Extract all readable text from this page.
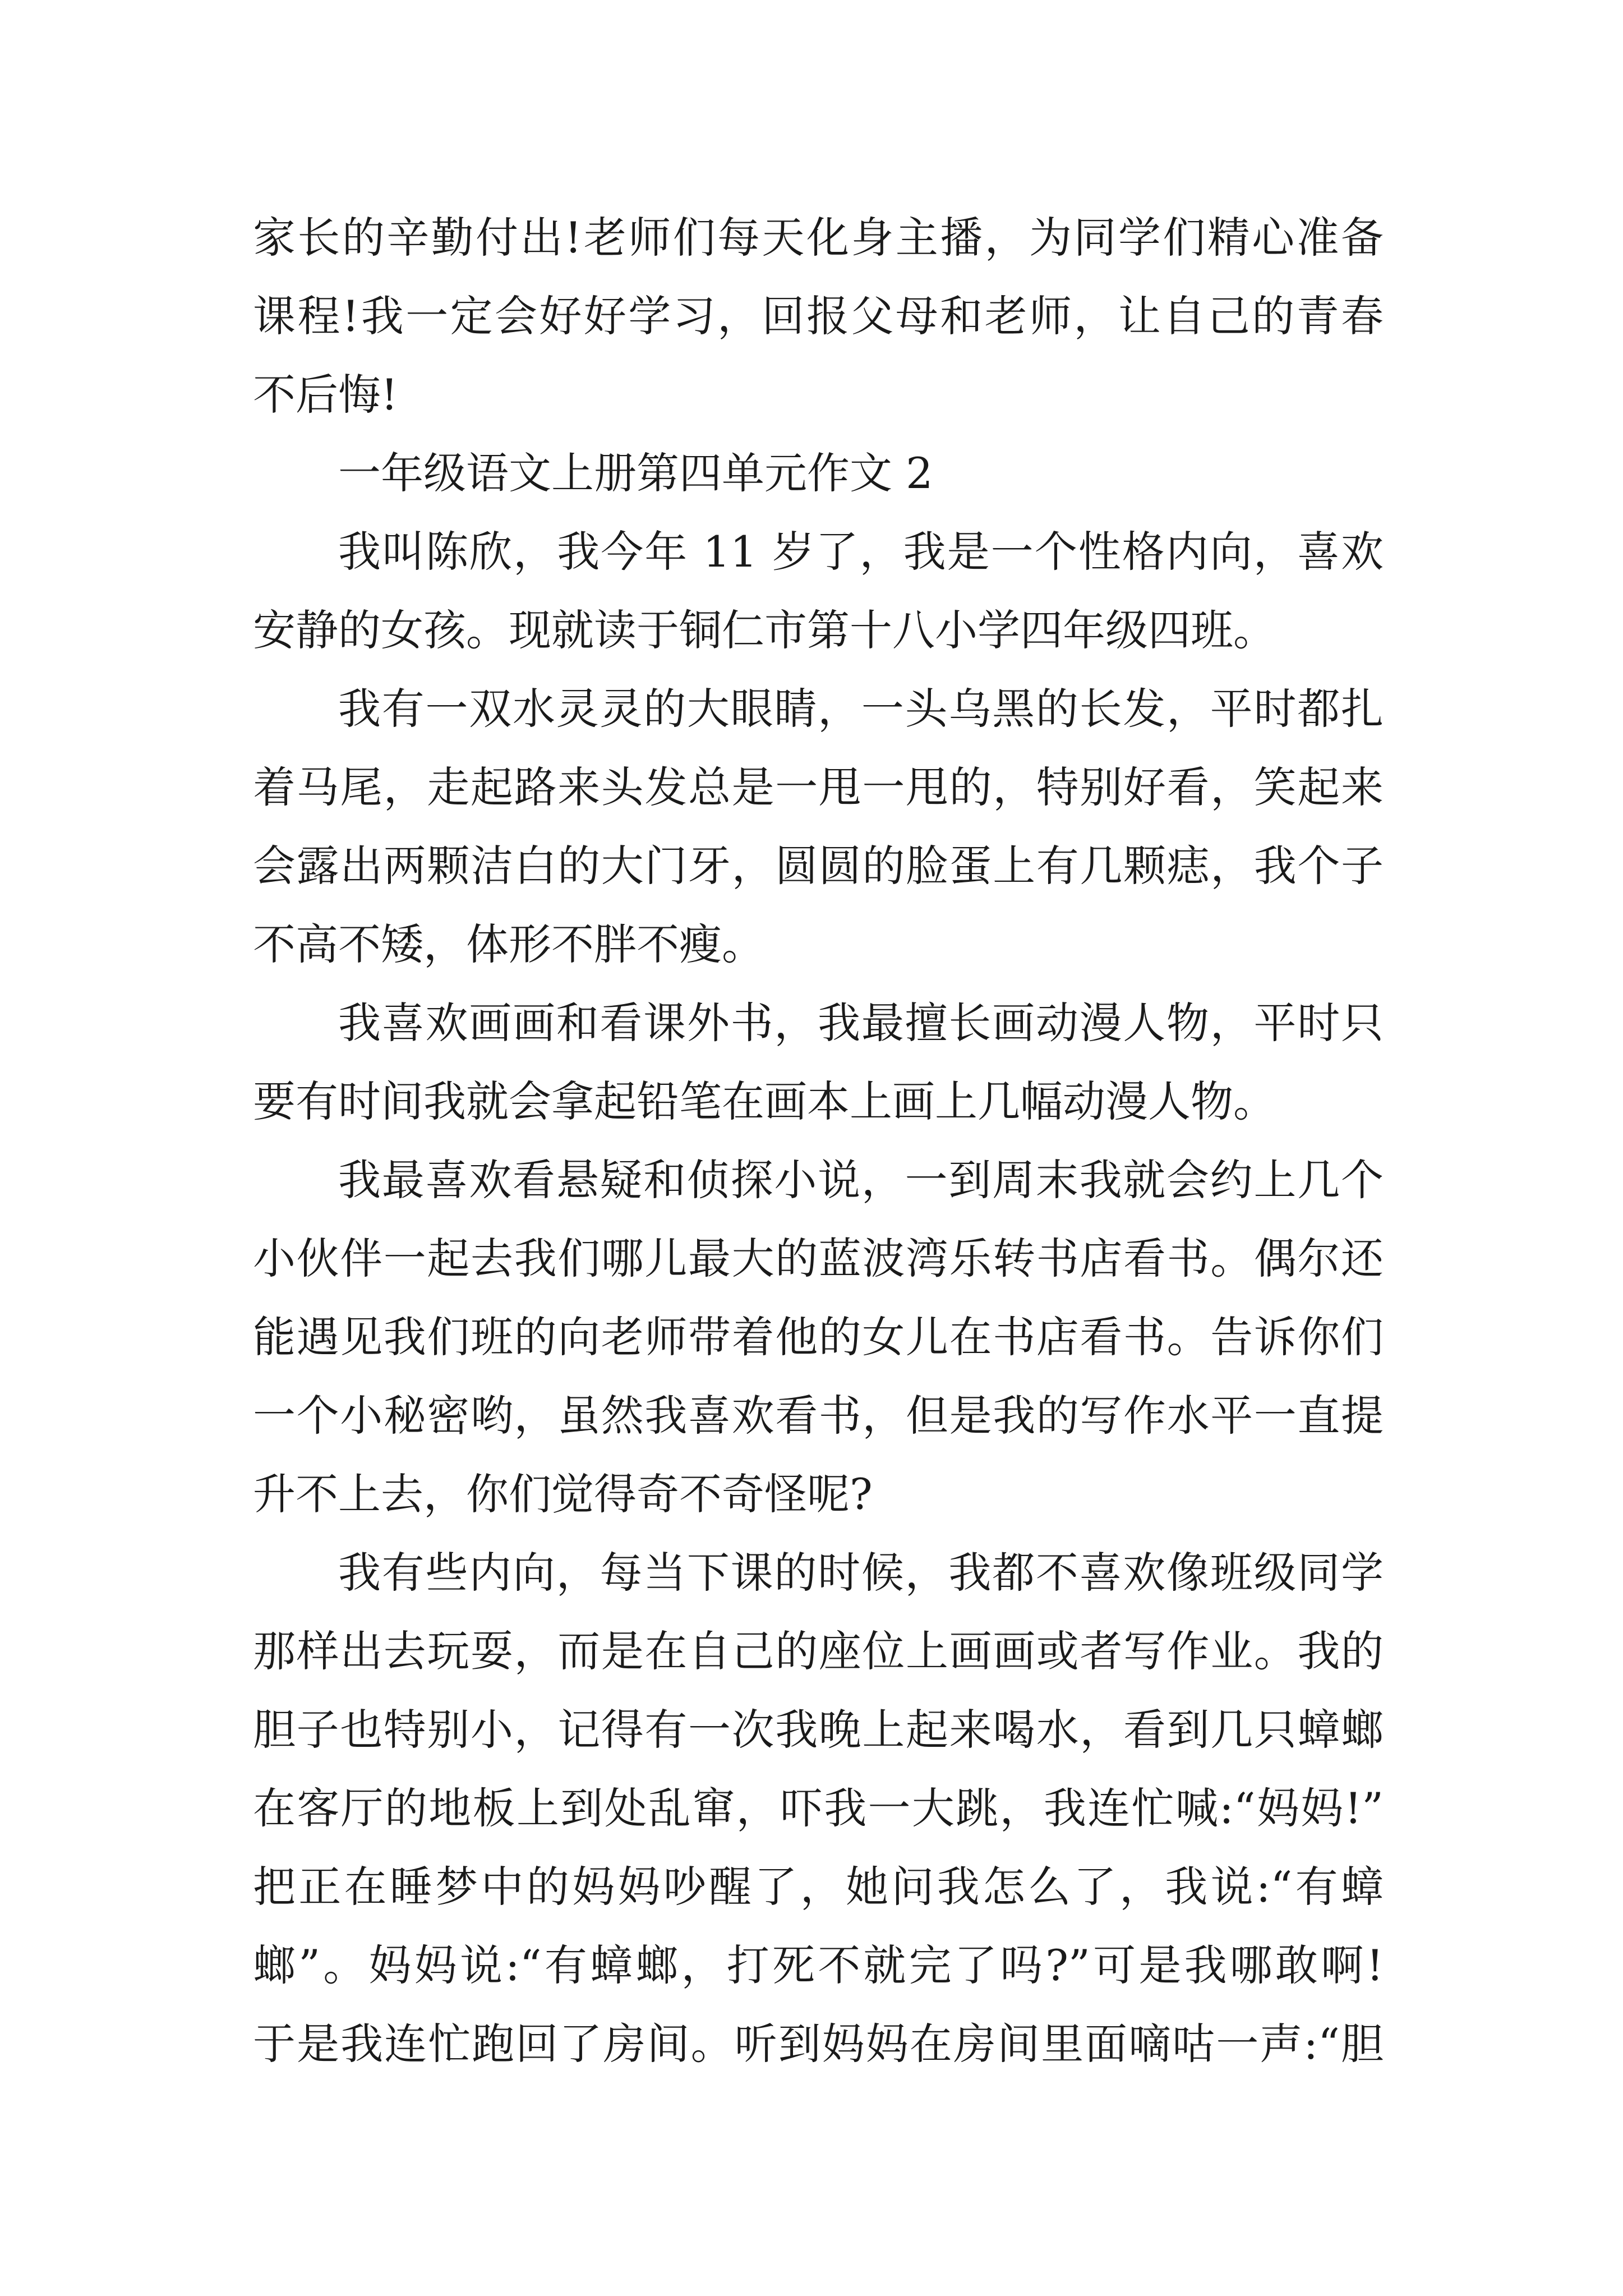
家长的辛勤付出!老师们每天化身主播，为同学们精心准备
课程!我一定会好好学习，回报父母和老师，让自己的青春
不后悔!
一年级语文上册第四单元作文 2
我叫陈欣，我今年 11 岁了，我是一个性格内向，喜欢
安静的女孩。现就读于铜仁市第十八小学四年级四班。
我有一双水灵灵的大眼睛，一头乌黑的长发，平时都扎
着马尾，走起路来头发总是一甩一甩的，特别好看，笑起来
会露出两颗洁白的大门牙，圆圆的脸蛋上有几颗痣，我个子
不高不矮，体形不胖不瘦。
我喜欢画画和看课外书，我最擅长画动漫人物，平时只
要有时间我就会拿起铅笔在画本上画上几幅动漫人物。
我最喜欢看悬疑和侦探小说，一到周末我就会约上几个
小伙伴一起去我们哪儿最大的蓝波湾乐转书店看书。偶尔还
能遇见我们班的向老师带着他的女儿在书店看书。告诉你们
一个小秘密哟，虽然我喜欢看书，但是我的写作水平一直提
升不上去，你们觉得奇不奇怪呢?
我有些内向，每当下课的时候，我都不喜欢像班级同学
那样出去玩耍，而是在自己的座位上画画或者写作业。我的
胆子也特别小，记得有一次我晚上起来喝水，看到几只蟑螂
在客厅的地板上到处乱窜，吓我一大跳，我连忙喊:“妈妈!”
把正在睡梦中的妈妈吵醒了，她问我怎么了，我说:“有蟑
螂”。妈妈说:“有蟑螂，打死不就完了吗?”可是我哪敢啊!
于是我连忙跑回了房间。听到妈妈在房间里面嘀咕一声:“胆
